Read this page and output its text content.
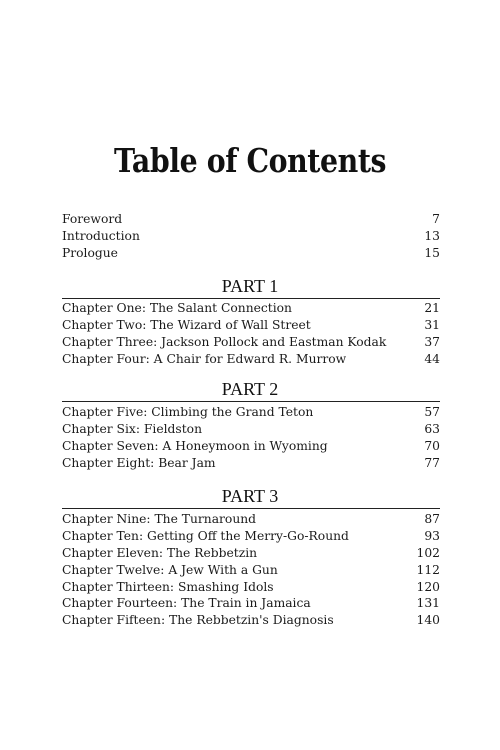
Table of Contents
Foreword	7
Introduction	13
Prologue	15
PART 1
Chapter One: The Salant Connection	21
Chapter Two: The Wizard of Wall Street	31
Chapter Three: Jackson Pollock and Eastman Kodak	37
Chapter Four: A Chair for Edward R. Murrow	44
PART 2
Chapter Five: Climbing the Grand Teton	57
Chapter Six: Fieldston	63
Chapter Seven: A Honeymoon in Wyoming	70
Chapter Eight: Bear Jam	77
PART 3
Chapter Nine: The Turnaround	87
Chapter Ten: Getting Off the Merry-Go-Round	93
Chapter Eleven: The Rebbetzin	102
Chapter Twelve: A Jew With a Gun	112
Chapter Thirteen: Smashing Idols	120
Chapter Fourteen: The Train in Jamaica	131
Chapter Fifteen: The Rebbetzin's Diagnosis	140
